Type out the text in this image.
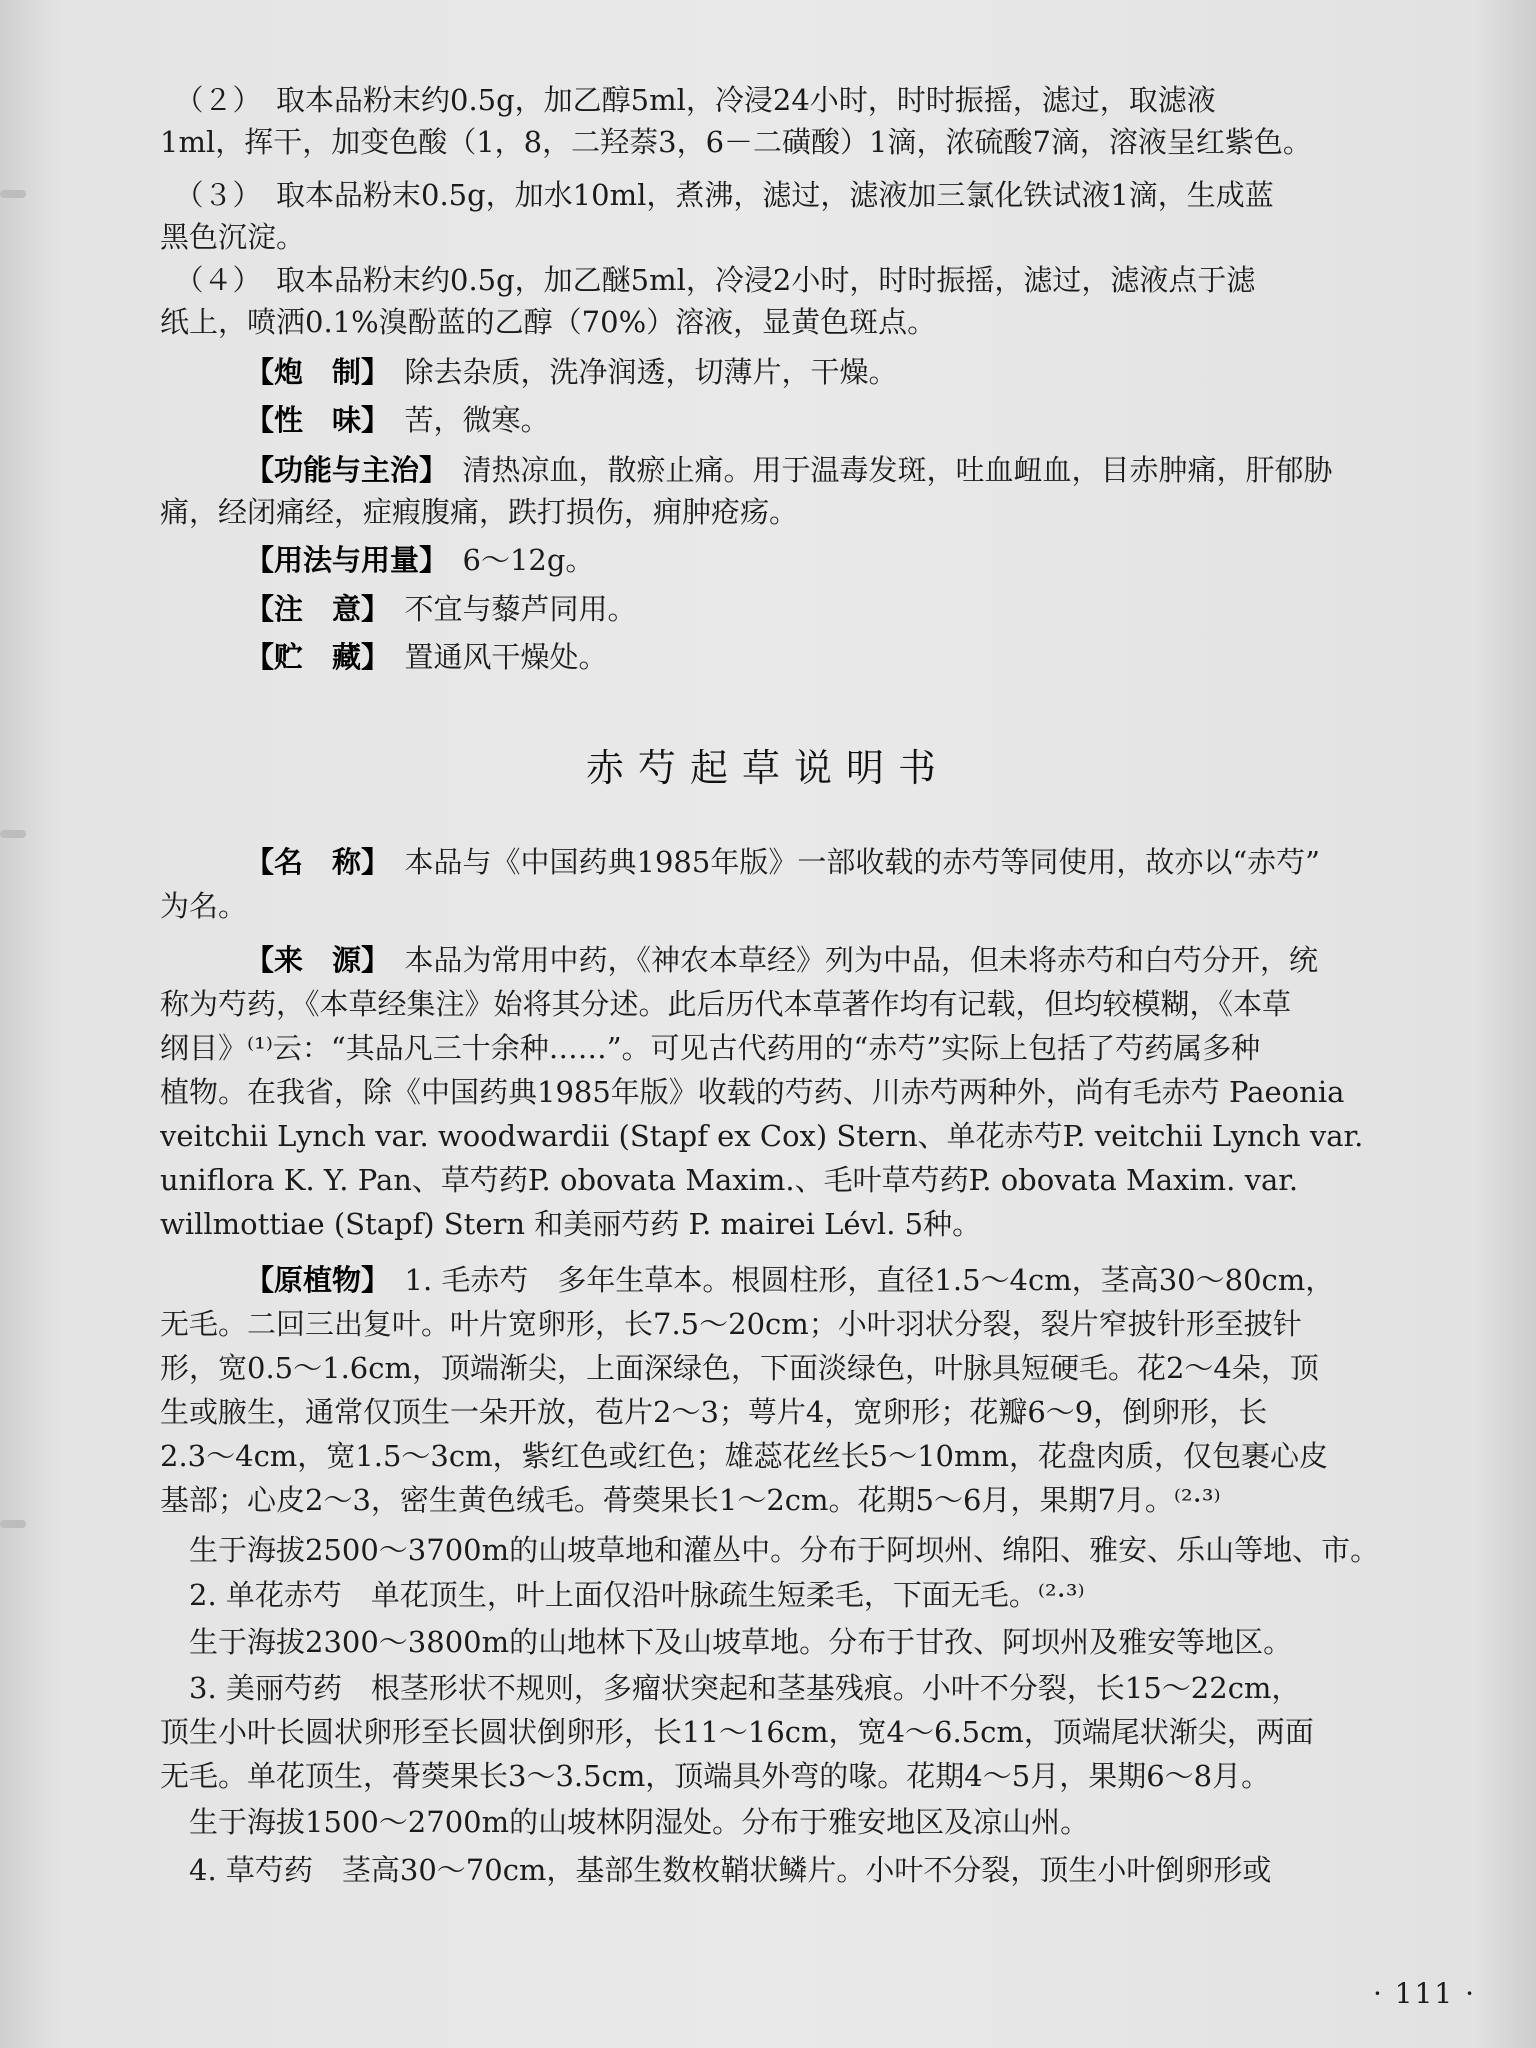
　（２）　取本品粉末约0.5g，加乙醇5ml，冷浸24小时，时时振摇，滤过，取滤液
1ml，挥干，加变色酸（1，8，二羟萘3，6－二磺酸）1滴，浓硫酸7滴，溶液呈红紫色。
　（３）　取本品粉末0.5g，加水10ml，煮沸，滤过，滤液加三氯化铁试液1滴，生成蓝
黑色沉淀。
　（４）　取本品粉末约0.5g，加乙醚5ml，冷浸2小时，时时振摇，滤过，滤液点于滤
纸上，喷洒0.1%溴酚蓝的乙醇（70%）溶液，显黄色斑点。
【炮　制】　除去杂质，洗净润透，切薄片，干燥。
【性　味】　苦，微寒。
【功能与主治】　清热凉血，散瘀止痛。用于温毒发斑，吐血衄血，目赤肿痛，肝郁胁
痛，经闭痛经，症瘕腹痛，跌打损伤，痈肿疮疡。
【用法与用量】　6～12g。
【注　意】　不宜与藜芦同用。
【贮　藏】　置通风干燥处。
赤芍起草说明书
【名　称】　本品与《中国药典1985年版》一部收载的赤芍等同使用，故亦以“赤芍”
为名。
【来　源】　本品为常用中药，《神农本草经》列为中品，但未将赤芍和白芍分开，统
称为芍药，《本草经集注》始将其分述。此后历代本草著作均有记载，但均较模糊，《本草
纲目》⁽¹⁾云：“其品凡三十余种……”。可见古代药用的“赤芍”实际上包括了芍药属多种
植物。在我省，除《中国药典1985年版》收载的芍药、川赤芍两种外，尚有毛赤芍 Paeonia
veitchii Lynch var. woodwardii (Stapf ex Cox) Stern、单花赤芍P. veitchii Lynch var.
uniflora K. Y. Pan、草芍药P. obovata Maxim.、毛叶草芍药P. obovata Maxim. var.
willmottiae (Stapf) Stern 和美丽芍药 P. mairei Lévl. 5种。
【原植物】　1. 毛赤芍　多年生草本。根圆柱形，直径1.5～4cm，茎高30～80cm，
无毛。二回三出复叶。叶片宽卵形，长7.5～20cm；小叶羽状分裂，裂片窄披针形至披针
形，宽0.5～1.6cm，顶端渐尖，上面深绿色，下面淡绿色，叶脉具短硬毛。花2～4朵，顶
生或腋生，通常仅顶生一朵开放，苞片2～3；萼片4，宽卵形；花瓣6～9，倒卵形，长
2.3～4cm，宽1.5～3cm，紫红色或红色；雄蕊花丝长5～10mm，花盘肉质，仅包裹心皮
基部；心皮2～3，密生黄色绒毛。蓇葖果长1～2cm。花期5～6月，果期7月。⁽²·³⁾
　生于海拔2500～3700m的山坡草地和灌丛中。分布于阿坝州、绵阳、雅安、乐山等地、市。
　2. 单花赤芍　单花顶生，叶上面仅沿叶脉疏生短柔毛，下面无毛。⁽²·³⁾
　生于海拔2300～3800m的山地林下及山坡草地。分布于甘孜、阿坝州及雅安等地区。
　3. 美丽芍药　根茎形状不规则，多瘤状突起和茎基残痕。小叶不分裂，长15～22cm，
顶生小叶长圆状卵形至长圆状倒卵形，长11～16cm，宽4～6.5cm，顶端尾状渐尖，两面
无毛。单花顶生，蓇葖果长3～3.5cm，顶端具外弯的喙。花期4～5月，果期6～8月。
　生于海拔1500～2700m的山坡林阴湿处。分布于雅安地区及凉山州。
　4. 草芍药　茎高30～70cm，基部生数枚鞘状鳞片。小叶不分裂，顶生小叶倒卵形或
· 111 ·
